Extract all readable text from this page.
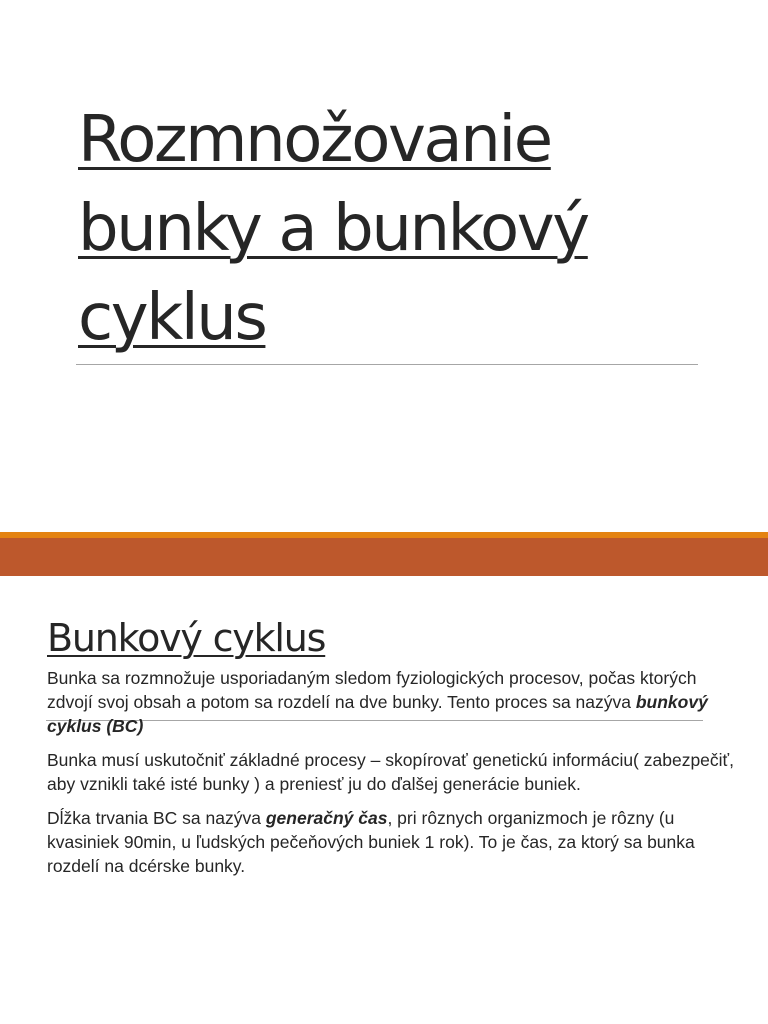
Rozmnožovanie bunky a bunkový cyklus
Bunkový cyklus

Bunka sa rozmnožuje usporiadaným sledom fyziologických procesov, počas ktorých zdvojí svoj obsah a potom sa rozdelí na dve bunky. Tento proces sa nazýva bunkový cyklus (BC)

Bunka musí uskutočniť základné procesy – skopírovať genetickú informáciu( zabezpečiť, aby vznikli také isté bunky ) a preniesť ju do ďalšej generácie buniek.

Dĺžka trvania BC sa nazýva generačný čas, pri rôznych organizmoch je rôzny (u kvasiniek 90min, u ľudských pečeňových buniek 1 rok). To je čas, za ktorý sa bunka rozdelí na dcérske bunky.
